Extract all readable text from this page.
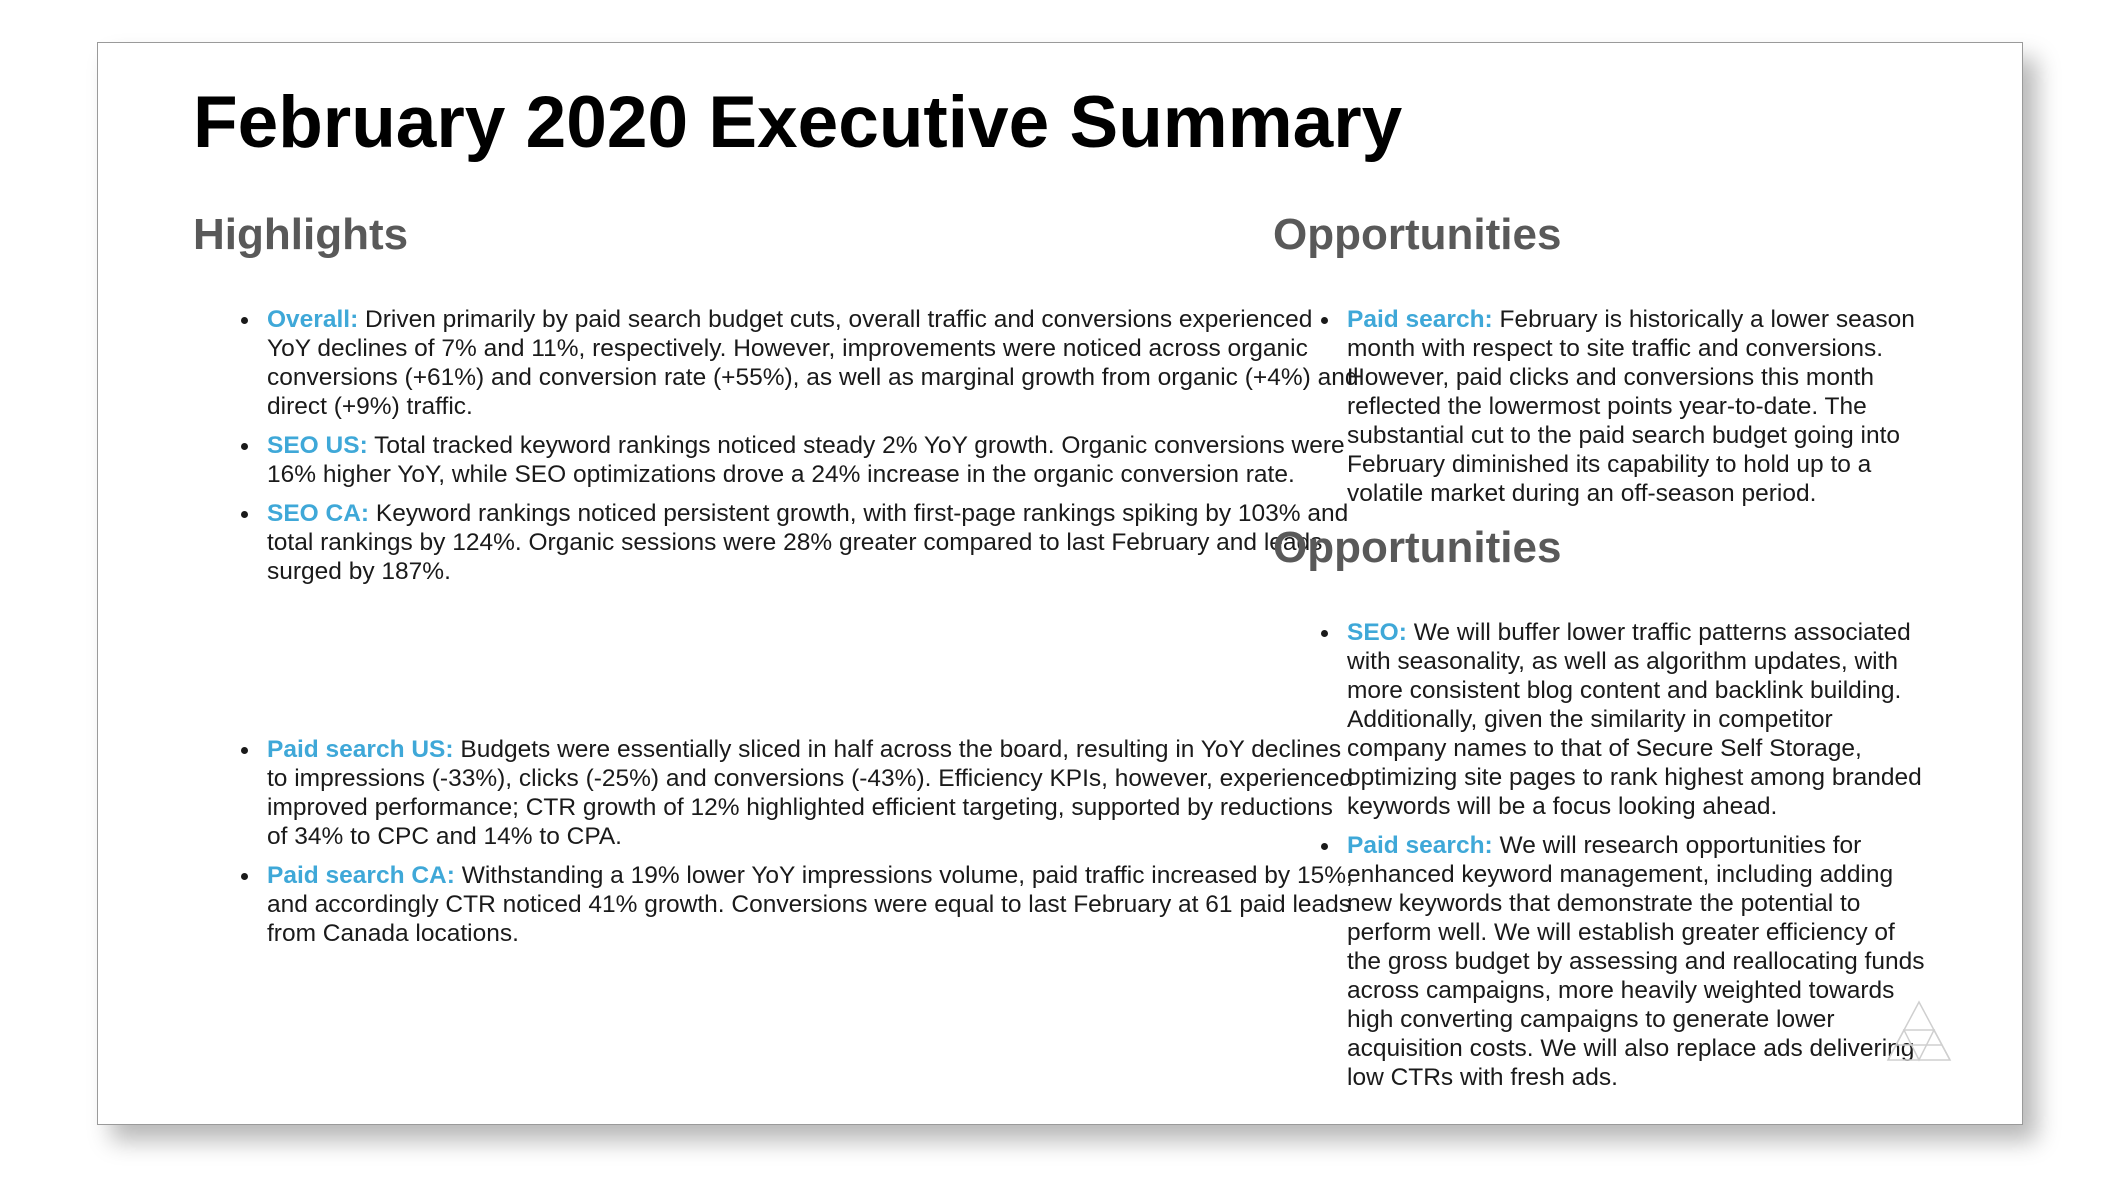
February 2020 Executive Summary
Highlights
Overall: Driven primarily by paid search budget cuts, overall traffic and conversions experienced YoY declines of 7% and 11%, respectively. However, improvements were noticed across organic conversions (+61%) and conversion rate (+55%), as well as marginal growth from organic (+4%) and direct (+9%) traffic.
SEO US: Total tracked keyword rankings noticed steady 2% YoY growth. Organic conversions were 16% higher YoY, while SEO optimizations drove a 24% increase in the organic conversion rate.
SEO CA: Keyword rankings noticed persistent growth, with first-page rankings spiking by 103% and total rankings by 124%. Organic sessions were 28% greater compared to last February and leads surged by 187%.
Paid search US: Budgets were essentially sliced in half across the board, resulting in YoY declines to impressions (-33%), clicks (-25%) and conversions (-43%). Efficiency KPIs, however, experienced improved performance; CTR growth of 12% highlighted efficient targeting, supported by reductions of 34% to CPC and 14% to CPA.
Paid search CA: Withstanding a 19% lower YoY impressions volume, paid traffic increased by 15%, and accordingly CTR noticed 41% growth. Conversions were equal to last February at 61 paid leads from Canada locations.
Opportunities
Paid search: February is historically a lower season month with respect to site traffic and conversions. However, paid clicks and conversions this month reflected the lowermost points year-to-date. The substantial cut to the paid search budget going into February diminished its capability to hold up to a volatile market during an off-season period.
Opportunities
SEO: We will buffer lower traffic patterns associated with seasonality, as well as algorithm updates, with more consistent blog content and backlink building. Additionally, given the similarity in competitor company names to that of Secure Self Storage, optimizing site pages to rank highest among branded keywords will be a focus looking ahead.
Paid search: We will research opportunities for enhanced keyword management, including adding new keywords that demonstrate the potential to perform well. We will establish greater efficiency of the gross budget by assessing and reallocating funds across campaigns, more heavily weighted towards high converting campaigns to generate lower acquisition costs. We will also replace ads delivering low CTRs with fresh ads.
